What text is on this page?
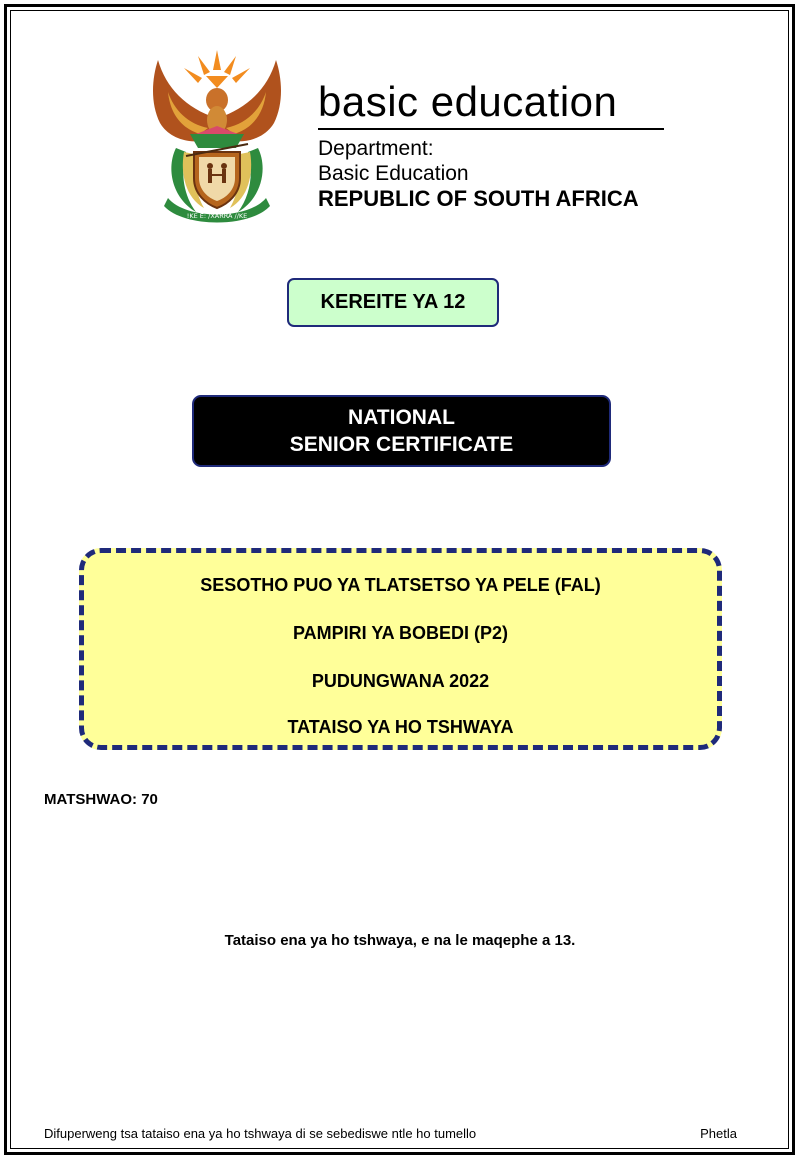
!KE E: /XARRA //KE
basic education
Department:
Basic Education
REPUBLIC OF SOUTH AFRICA
KEREITE YA 12
NATIONAL
SENIOR CERTIFICATE
SESOTHO PUO YA TLATSETSO YA PELE (FAL)
PAMPIRI YA BOBEDI (P2)
PUDUNGWANA 2022
TATAISO YA HO TSHWAYA
MATSHWAO: 70
Tataiso ena ya ho tshwaya, e na le maqephe a 13.
Difuperweng tsa tataiso ena ya ho tshwaya di se sebediswe ntle ho tumello	Phetla
